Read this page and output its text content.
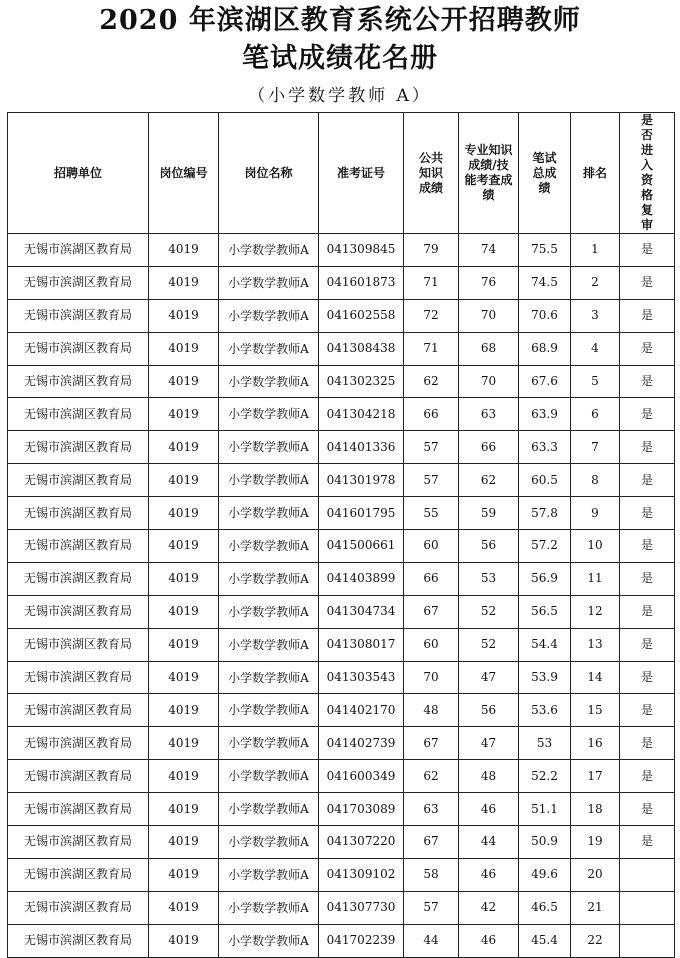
2020 年滨湖区教育系统公开招聘教师
笔试成绩花名册
（小学数学教师 A）
招聘单位	岗位编号	岗位名称	准考证号	公共知识成绩	专业知识成绩/技能考查成绩	笔试总成绩	排名	是否进入资格复审

无锡市滨湖区教育局	4019	小学数学教师A	041309845	79	74	75.5	1	是
无锡市滨湖区教育局	4019	小学数学教师A	041601873	71	76	74.5	2	是
无锡市滨湖区教育局	4019	小学数学教师A	041602558	72	70	70.6	3	是
无锡市滨湖区教育局	4019	小学数学教师A	041308438	71	68	68.9	4	是
无锡市滨湖区教育局	4019	小学数学教师A	041302325	62	70	67.6	5	是
无锡市滨湖区教育局	4019	小学数学教师A	041304218	66	63	63.9	6	是
无锡市滨湖区教育局	4019	小学数学教师A	041401336	57	66	63.3	7	是
无锡市滨湖区教育局	4019	小学数学教师A	041301978	57	62	60.5	8	是
无锡市滨湖区教育局	4019	小学数学教师A	041601795	55	59	57.8	9	是
无锡市滨湖区教育局	4019	小学数学教师A	041500661	60	56	57.2	10	是
无锡市滨湖区教育局	4019	小学数学教师A	041403899	66	53	56.9	11	是
无锡市滨湖区教育局	4019	小学数学教师A	041304734	67	52	56.5	12	是
无锡市滨湖区教育局	4019	小学数学教师A	041308017	60	52	54.4	13	是
无锡市滨湖区教育局	4019	小学数学教师A	041303543	70	47	53.9	14	是
无锡市滨湖区教育局	4019	小学数学教师A	041402170	48	56	53.6	15	是
无锡市滨湖区教育局	4019	小学数学教师A	041402739	67	47	53	16	是
无锡市滨湖区教育局	4019	小学数学教师A	041600349	62	48	52.2	17	是
无锡市滨湖区教育局	4019	小学数学教师A	041703089	63	46	51.1	18	是
无锡市滨湖区教育局	4019	小学数学教师A	041307220	67	44	50.9	19	是
无锡市滨湖区教育局	4019	小学数学教师A	041309102	58	46	49.6	20	
无锡市滨湖区教育局	4019	小学数学教师A	041307730	57	42	46.5	21	
无锡市滨湖区教育局	4019	小学数学教师A	041702239	44	46	45.4	22	
